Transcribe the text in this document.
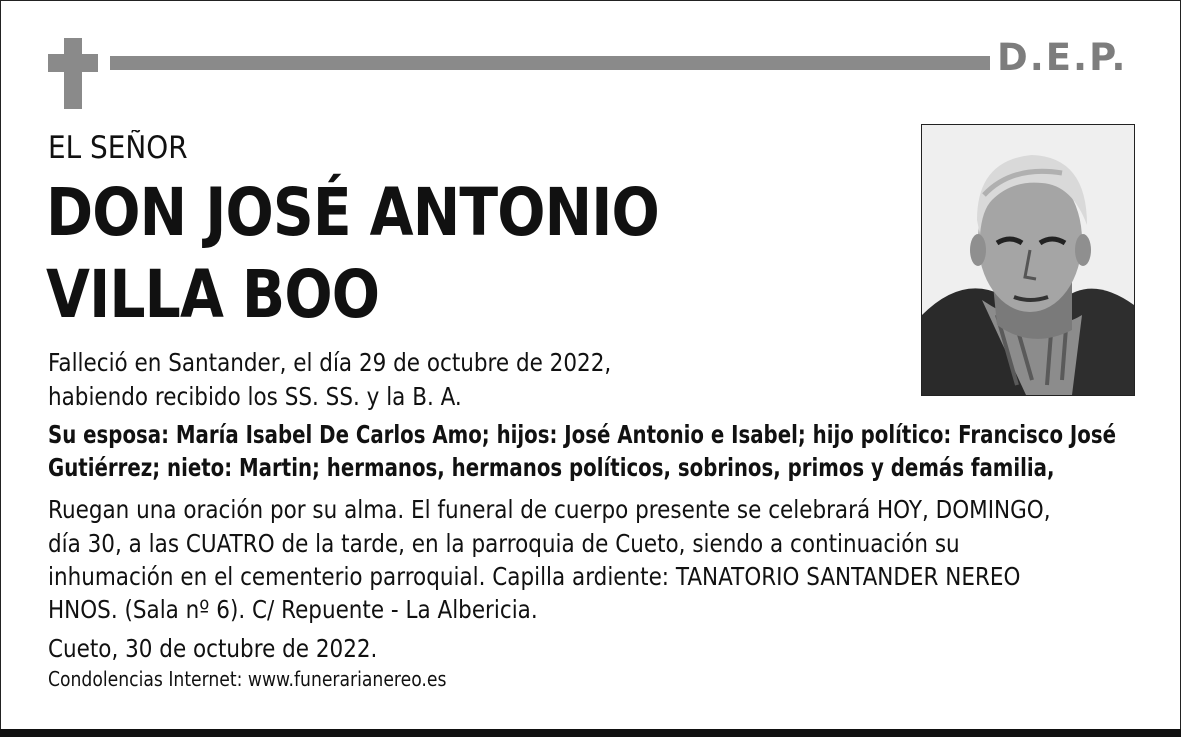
D.E.P.
EL SEÑOR
DON JOSÉ ANTONIO
VILLA BOO
Falleció en Santander, el día 29 de octubre de 2022,
habiendo recibido los SS. SS. y la B. A.
Su esposa: María Isabel De Carlos Amo; hijos: José Antonio e Isabel; hijo político: Francisco José
Gutiérrez; nieto: Martin; hermanos, hermanos políticos, sobrinos, primos y demás familia,
Ruegan una oración por su alma. El funeral de cuerpo presente se celebrará HOY, DOMINGO,
día 30, a las CUATRO de la tarde, en la parroquia de Cueto, siendo a continuación su
inhumación en el cementerio parroquial. Capilla ardiente: TANATORIO SANTANDER NEREO
HNOS. (Sala nº 6). C/ Repuente - La Albericia.
Cueto, 30 de octubre de 2022.
Condolencias Internet: www.funerarianereo.es
